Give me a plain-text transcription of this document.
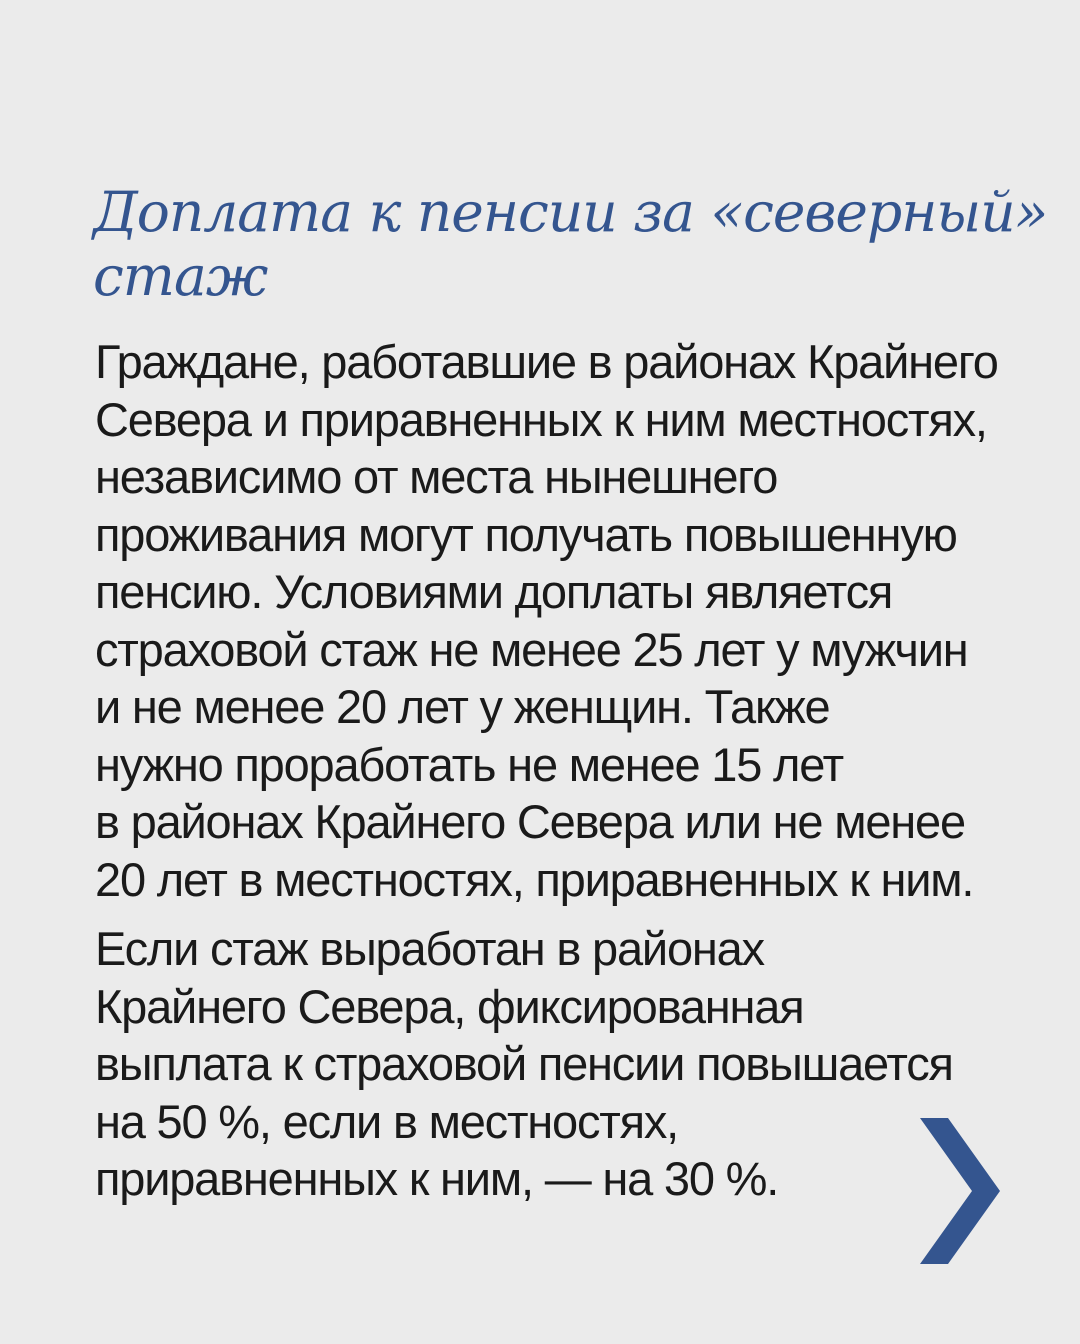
Доплата к пенсии за «северный»
стаж

Граждане, работавшие в районах Крайнего
Севера и приравненных к ним местностях,
независимо от места нынешнего
проживания могут получать повышенную
пенсию. Условиями доплаты является
страховой стаж не менее 25 лет у мужчин
и не менее 20 лет у женщин. Также
нужно проработать не менее 15 лет
в районах Крайнего Севера или не менее
20 лет в местностях, приравненных к ним.

Если стаж выработан в районах
Крайнего Севера, фиксированная
выплата к страховой пенсии повышается
на 50 %, если в местностях,
приравненных к ним, — на 30 %.
